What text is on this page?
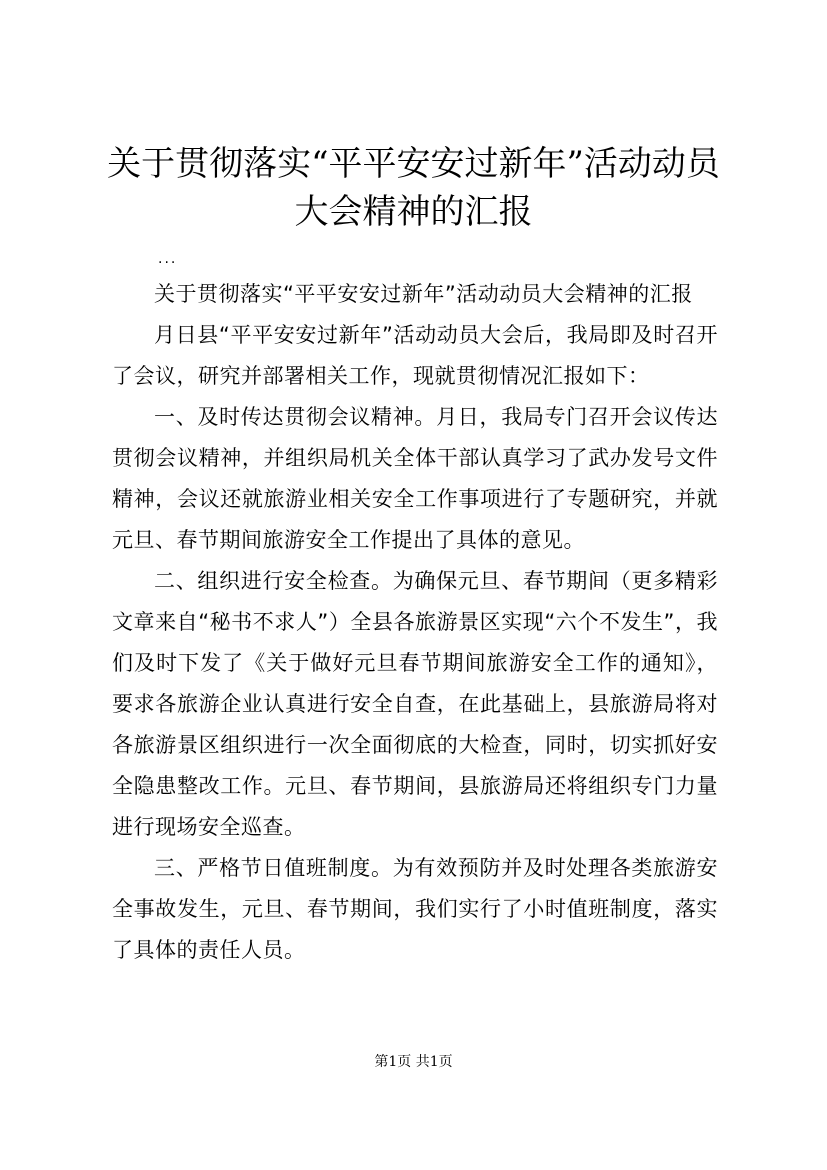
关于贯彻落实“平平安安过新年”活动动员大会精神的汇报

...

关于贯彻落实“平平安安过新年”活动动员大会精神的汇报

月日县“平平安安过新年”活动动员大会后，我局即及时召开了会议，研究并部署相关工作，现就贯彻情况汇报如下：

一、及时传达贯彻会议精神。月日，我局专门召开会议传达贯彻会议精神，并组织局机关全体干部认真学习了武办发号文件精神，会议还就旅游业相关安全工作事项进行了专题研究，并就元旦、春节期间旅游安全工作提出了具体的意见。

二、组织进行安全检查。为确保元旦、春节期间（更多精彩文章来自“秘书不求人”）全县各旅游景区实现“六个不发生”，我们及时下发了《关于做好元旦春节期间旅游安全工作的通知》，要求各旅游企业认真进行安全自查，在此基础上，县旅游局将对各旅游景区组织进行一次全面彻底的大检查，同时，切实抓好安全隐患整改工作。元旦、春节期间，县旅游局还将组织专门力量进行现场安全巡查。

三、严格节日值班制度。为有效预防并及时处理各类旅游安全事故发生，元旦、春节期间，我们实行了小时值班制度，落实了具体的责任人员。

第1页 共1页
